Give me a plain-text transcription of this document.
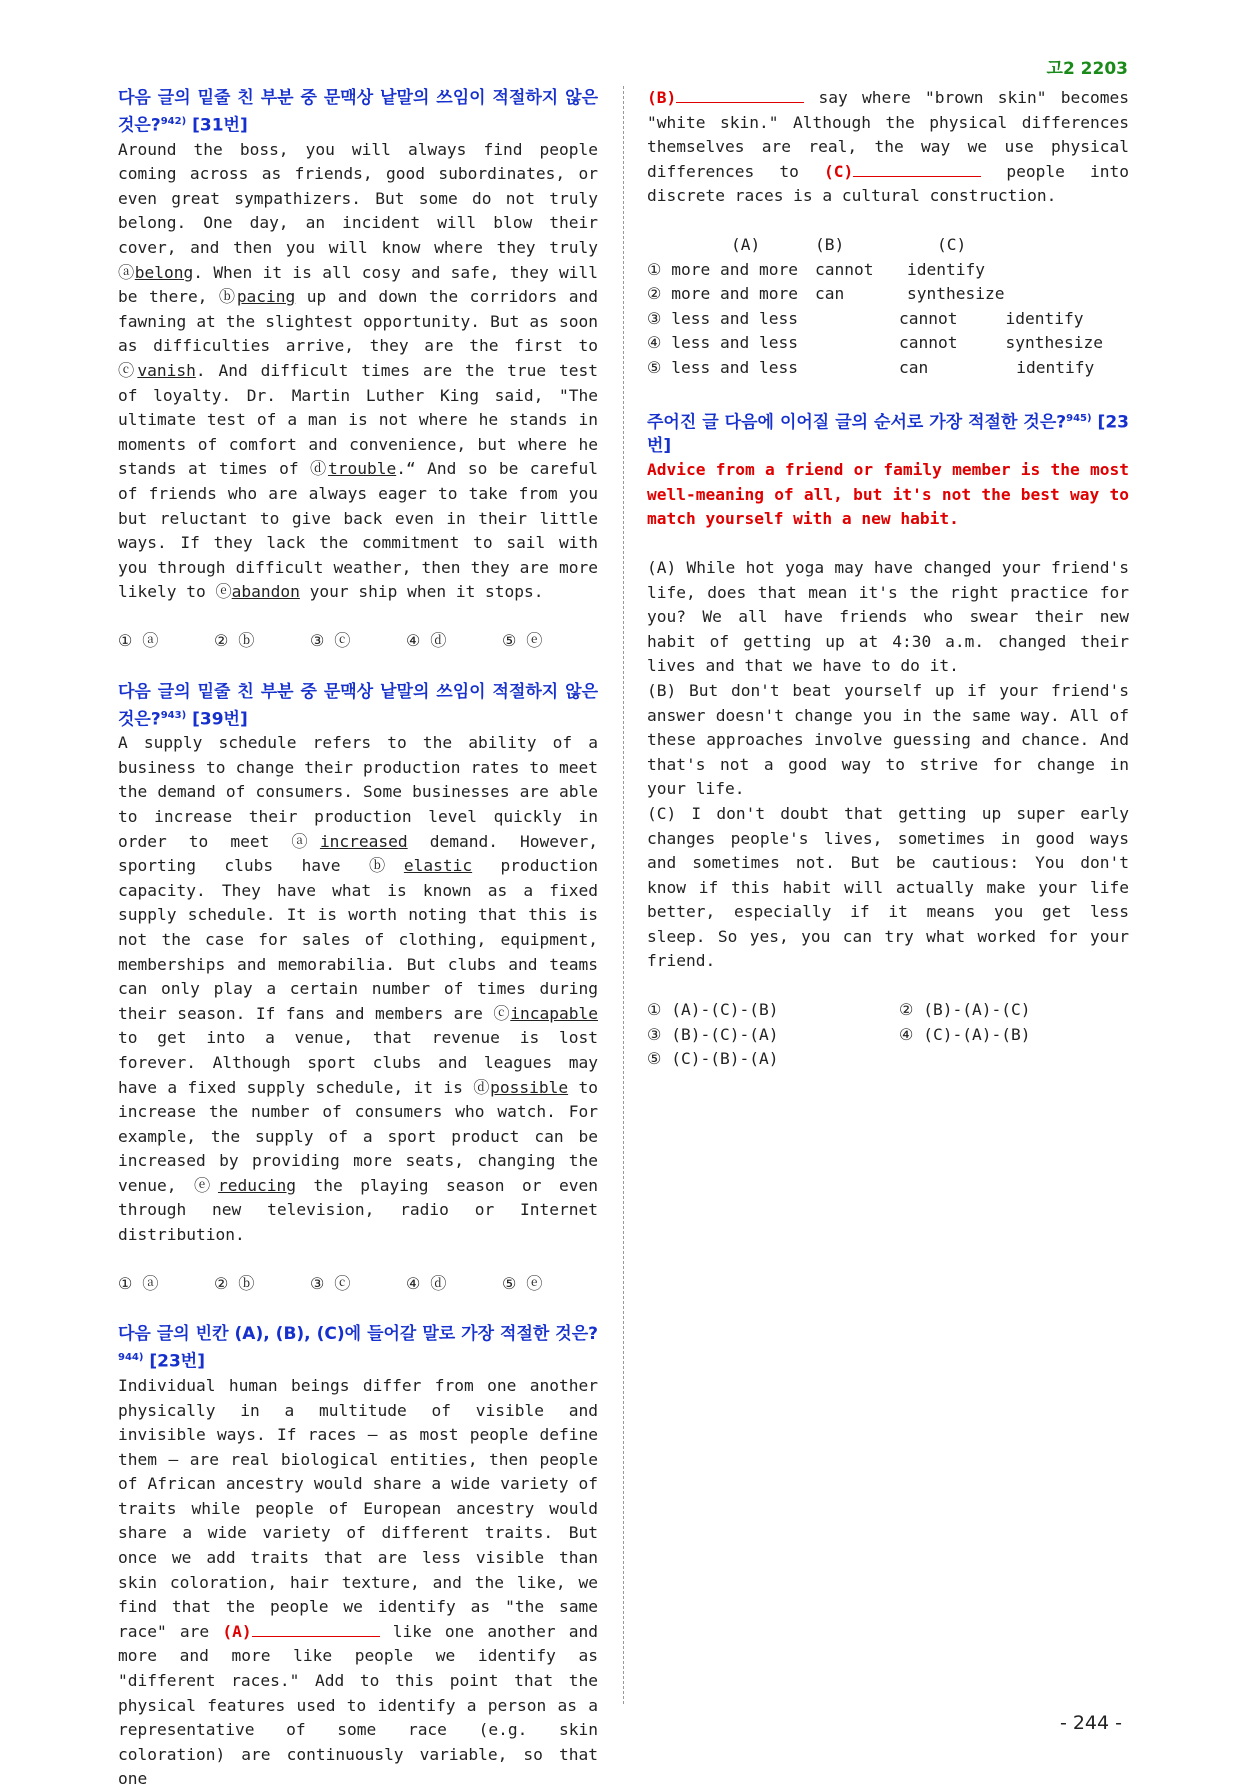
고2 2203

다음 글의 밑줄 친 부분 중 문맥상 낱말의 쓰임이 적절하지 않은 것은?$^{942)}$ [31번]

Around the boss, you will always find people coming across as friends, good subordinates, or even great sympathizers. But some do not truly belong. One day, an incident will blow their cover, and then you will know where they truly ⓐbelong. When it is all cosy and safe, they will be there, ⓑpacing up and down the corridors and fawning at the slightest opportunity. But as soon as difficulties arrive, they are the first to ⓒvanish. And difficult times are the true test of loyalty. Dr. Martin Luther King said, "The ultimate test of a man is not where he stands in moments of comfort and convenience, but where he stands at times of ⓓtrouble.“ And so be careful of friends who are always eager to take from you but reluctant to give back even in their little ways. If they lack the commitment to sail with you through difficult weather, then they are more likely to ⓔabandon your ship when it stops.

① ⓐ	② ⓑ	③ ⓒ	④ ⓓ	⑤ ⓔ

다음 글의 밑줄 친 부분 중 문맥상 낱말의 쓰임이 적절하지 않은 것은?$^{943)}$ [39번]

A supply schedule refers to the ability of a business to change their production rates to meet the demand of consumers. Some businesses are able to increase their production level quickly in order to meet ⓐincreased demand. However, sporting clubs have ⓑelastic production capacity. They have what is known as a fixed supply schedule. It is worth noting that this is not the case for sales of clothing, equipment, memberships and memorabilia. But clubs and teams can only play a certain number of times during their season. If fans and members are ⓒincapable to get into a venue, that revenue is lost forever. Although sport clubs and leagues may have a fixed supply schedule, it is ⓓpossible to increase the number of consumers who watch. For example, the supply of a sport product can be increased by providing more seats, changing the venue, ⓔreducing the playing season or even through new television, radio or Internet distribution.

① ⓐ	② ⓑ	③ ⓒ	④ ⓓ	⑤ ⓔ

다음 글의 빈칸 (A), (B), (C)에 들어갈 말로 가장 적절한 것은?$^{944)}$ [23번]

Individual human beings differ from one another physically in a multitude of visible and invisible ways. If races — as most people define them — are real biological entities, then people of African ancestry would share a wide variety of traits while people of European ancestry would share a wide variety of different traits. But once we add traits that are less visible than skin coloration, hair texture, and the like, we find that the people we identify as "the same race" are (A)	like one another and more and more like people we identify as "different races." Add to this point that the physical features used to identify a person as a representative of some race (e.g. skin coloration) are continuously variable, so that one

(B)	say where "brown skin" becomes "white skin." Although the physical differences themselves are real, the way we use physical differences to (C)	people into discrete races is a cultural construction.

(A)	(B)	(C)
① more and more	cannot	identify
② more and more	can	synthesize
③ less and less	cannot	identify
④ less and less	cannot	synthesize
⑤ less and less	can	identify

주어진 글 다음에 이어질 글의 순서로 가장 적절한 것은?$^{945)}$ [23번]

Advice from a friend or family member is the most well-meaning of all, but it's not the best way to match yourself with a new habit.

(A) While hot yoga may have changed your friend's life, does that mean it's the right practice for you? We all have friends who swear their new habit of getting up at 4:30 a.m. changed their lives and that we have to do it.

(B) But don't beat yourself up if your friend's answer doesn't change you in the same way. All of these approaches involve guessing and chance. And that's not a good way to strive for change in your life.

(C) I don't doubt that getting up super early changes people's lives, sometimes in good ways and sometimes not. But be cautious: You don't know if this habit will actually make your life better, especially if it means you get less sleep. So yes, you can try what worked for your friend.

① (A)-(C)-(B)	② (B)-(A)-(C)
③ (B)-(C)-(A)	④ (C)-(A)-(B)
⑤ (C)-(B)-(A)
- 244 -
